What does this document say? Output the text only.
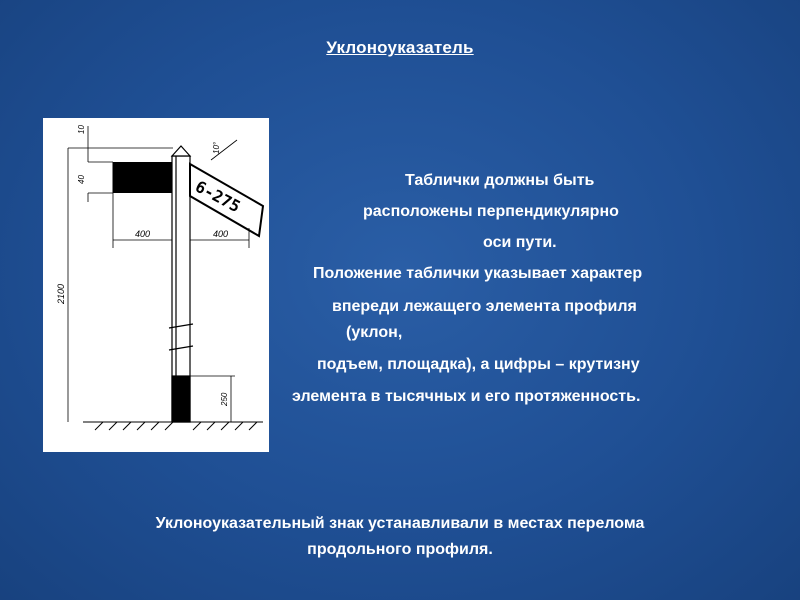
Уклоноуказатель
6-275
10
40
10°
400	400
2100
250
Таблички должны быть
расположены перпендикулярно
оси пути.
Положение таблички указывает характер
впереди лежащего элемента профиля
(уклон,
подъем, площадка), а цифры – крутизну
элемента в тысячных и его протяженность.
Уклоноуказательный знак устанавливали в местах перелома
продольного профиля.
